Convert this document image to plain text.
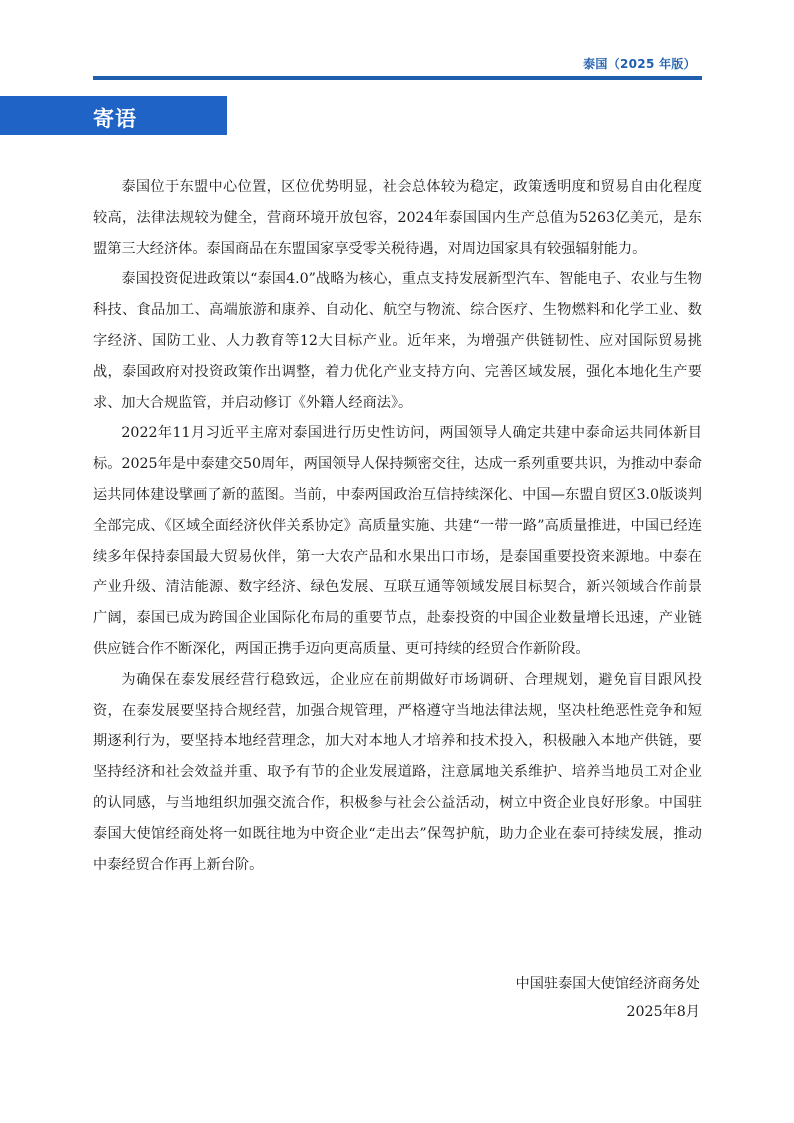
泰国（2025 年版）
寄语

泰国位于东盟中心位置，区位优势明显，社会总体较为稳定，政策透明度和贸易自由化程度较高，法律法规较为健全，营商环境开放包容，2024年泰国国内生产总值为5263亿美元，是东盟第三大经济体。泰国商品在东盟国家享受零关税待遇，对周边国家具有较强辐射能力。

泰国投资促进政策以“泰国4.0”战略为核心，重点支持发展新型汽车、智能电子、农业与生物科技、食品加工、高端旅游和康养、自动化、航空与物流、综合医疗、生物燃料和化学工业、数字经济、国防工业、人力教育等12大目标产业。近年来，为增强产供链韧性、应对国际贸易挑战，泰国政府对投资政策作出调整，着力优化产业支持方向、完善区域发展，强化本地化生产要求、加大合规监管，并启动修订《外籍人经商法》。

2022年11月习近平主席对泰国进行历史性访问，两国领导人确定共建中泰命运共同体新目标。2025年是中泰建交50周年，两国领导人保持频密交往，达成一系列重要共识，为推动中泰命运共同体建设擘画了新的蓝图。当前，中泰两国政治互信持续深化、中国—东盟自贸区3.0版谈判全部完成、《区域全面经济伙伴关系协定》高质量实施、共建“一带一路”高质量推进，中国已经连续多年保持泰国最大贸易伙伴，第一大农产品和水果出口市场，是泰国重要投资来源地。中泰在产业升级、清洁能源、数字经济、绿色发展、互联互通等领域发展目标契合，新兴领域合作前景广阔，泰国已成为跨国企业国际化布局的重要节点，赴泰投资的中国企业数量增长迅速，产业链供应链合作不断深化，两国正携手迈向更高质量、更可持续的经贸合作新阶段。

为确保在泰发展经营行稳致远，企业应在前期做好市场调研、合理规划，避免盲目跟风投资，在泰发展要坚持合规经营，加强合规管理，严格遵守当地法律法规，坚决杜绝恶性竞争和短期逐利行为，要坚持本地经营理念，加大对本地人才培养和技术投入，积极融入本地产供链，要坚持经济和社会效益并重、取予有节的企业发展道路，注意属地关系维护、培养当地员工对企业的认同感，与当地组织加强交流合作，积极参与社会公益活动，树立中资企业良好形象。中国驻泰国大使馆经商处将一如既往地为中资企业“走出去”保驾护航，助力企业在泰可持续发展，推动中泰经贸合作再上新台阶。

中国驻泰国大使馆经济商务处
2025年8月
